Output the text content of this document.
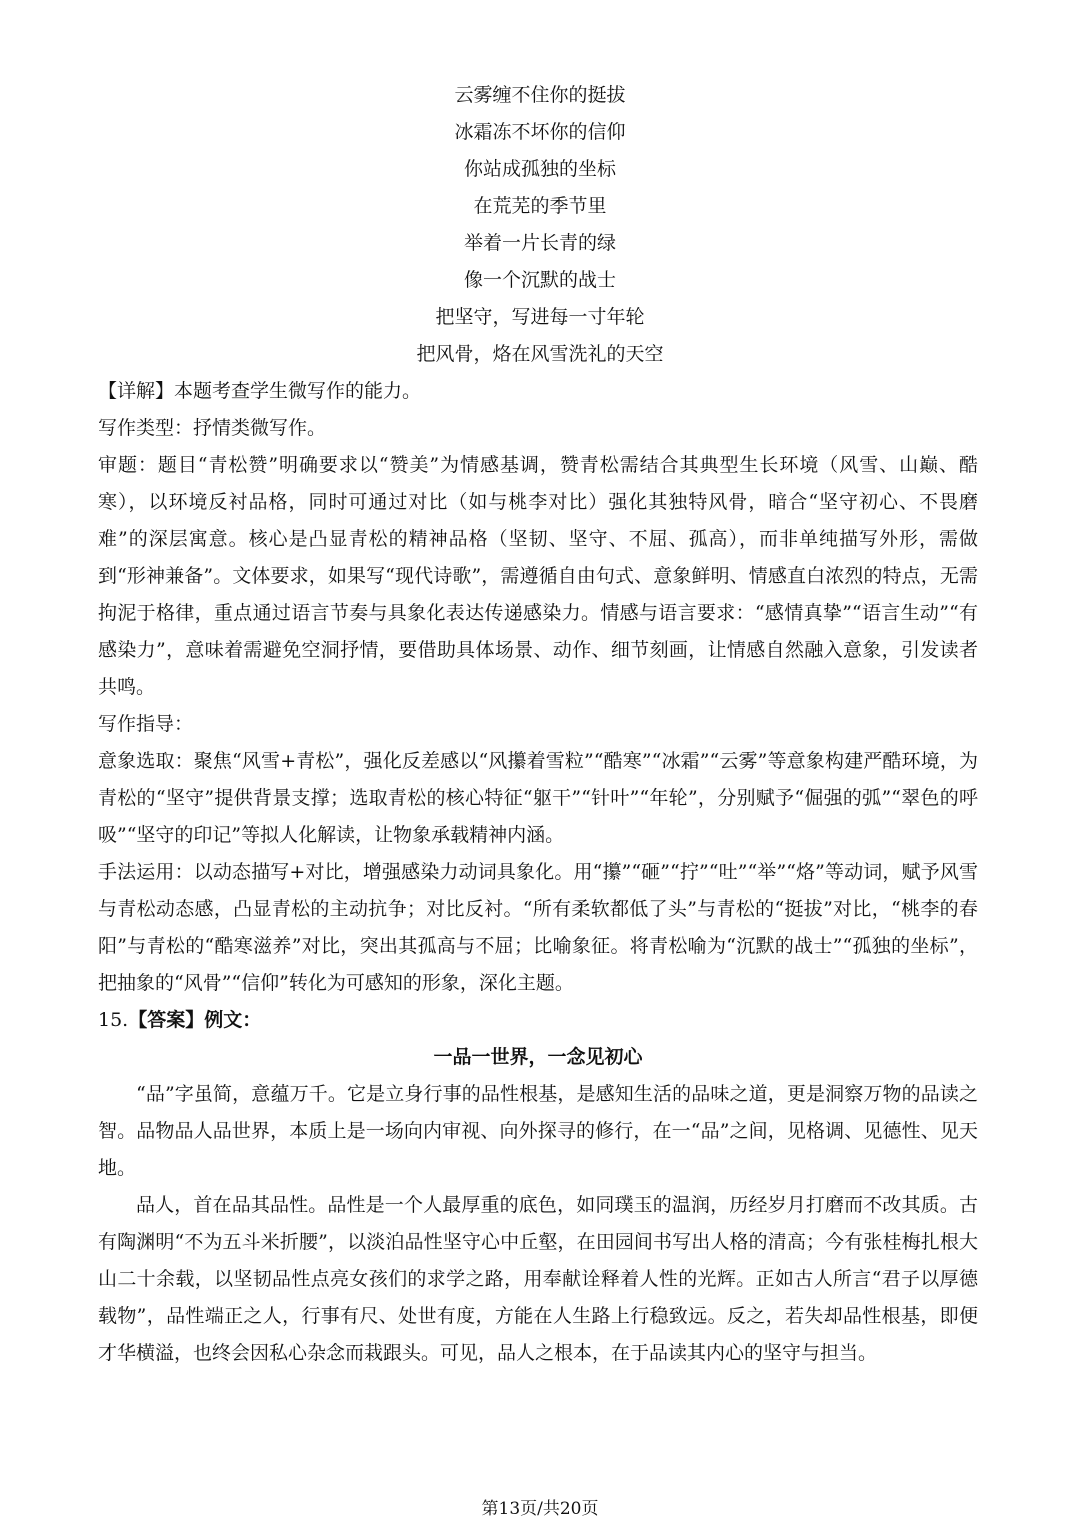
云雾缠不住你的挺拔
冰霜冻不坏你的信仰
你站成孤独的坐标
在荒芜的季节里
举着一片长青的绿
像一个沉默的战士
把坚守，写进每一寸年轮
把风骨，烙在风雪洗礼的天空

【详解】本题考查学生微写作的能力。

写作类型：抒情类微写作。

审题：题目“青松赞”明确要求以“赞美”为情感基调，赞青松需结合其典型生长环境（风雪、山巅、酷寒），以环境反衬品格，同时可通过对比（如与桃李对比）强化其独特风骨，暗合“坚守初心、不畏磨难”的深层寓意。核心是凸显青松的精神品格（坚韧、坚守、不屈、孤高），而非单纯描写外形，需做到“形神兼备”。文体要求，如果写“现代诗歌”，需遵循自由句式、意象鲜明、情感直白浓烈的特点，无需拘泥于格律，重点通过语言节奏与具象化表达传递感染力。情感与语言要求：“感情真挚”“语言生动”“有感染力”，意味着需避免空洞抒情，要借助具体场景、动作、细节刻画，让情感自然融入意象，引发读者共鸣。

写作指导：

意象选取：聚焦“风雪+青松”，强化反差感以“风攥着雪粒”“酷寒”“冰霜”“云雾”等意象构建严酷环境，为青松的“坚守”提供背景支撑；选取青松的核心特征“躯干”“针叶”“年轮”，分别赋予“倔强的弧”“翠色的呼吸”“坚守的印记”等拟人化解读，让物象承载精神内涵。

手法运用：以动态描写+对比，增强感染力动词具象化。用“攥”“砸”“拧”“吐”“举”“烙”等动词，赋予风雪与青松动态感，凸显青松的主动抗争；对比反衬。“所有柔软都低了头”与青松的“挺拔”对比，“桃李的春阳”与青松的“酷寒滋养”对比，突出其孤高与不屈；比喻象征。将青松喻为“沉默的战士”“孤独的坐标”，把抽象的“风骨”“信仰”转化为可感知的形象，深化主题。

15.【答案】例文：

一品一世界，一念见初心

“品”字虽简，意蕴万千。它是立身行事的品性根基，是感知生活的品味之道，更是洞察万物的品读之智。品物品人品世界，本质上是一场向内审视、向外探寻的修行，在一“品”之间，见格调、见德性、见天地。

品人，首在品其品性。品性是一个人最厚重的底色，如同璞玉的温润，历经岁月打磨而不改其质。古有陶渊明“不为五斗米折腰”，以淡泊品性坚守心中丘壑，在田园间书写出人格的清高；今有张桂梅扎根大山二十余载，以坚韧品性点亮女孩们的求学之路，用奉献诠释着人性的光辉。正如古人所言“君子以厚德载物”，品性端正之人，行事有尺、处世有度，方能在人生路上行稳致远。反之，若失却品性根基，即便才华横溢，也终会因私心杂念而栽跟头。可见，品人之根本，在于品读其内心的坚守与担当。

第13页/共20页
